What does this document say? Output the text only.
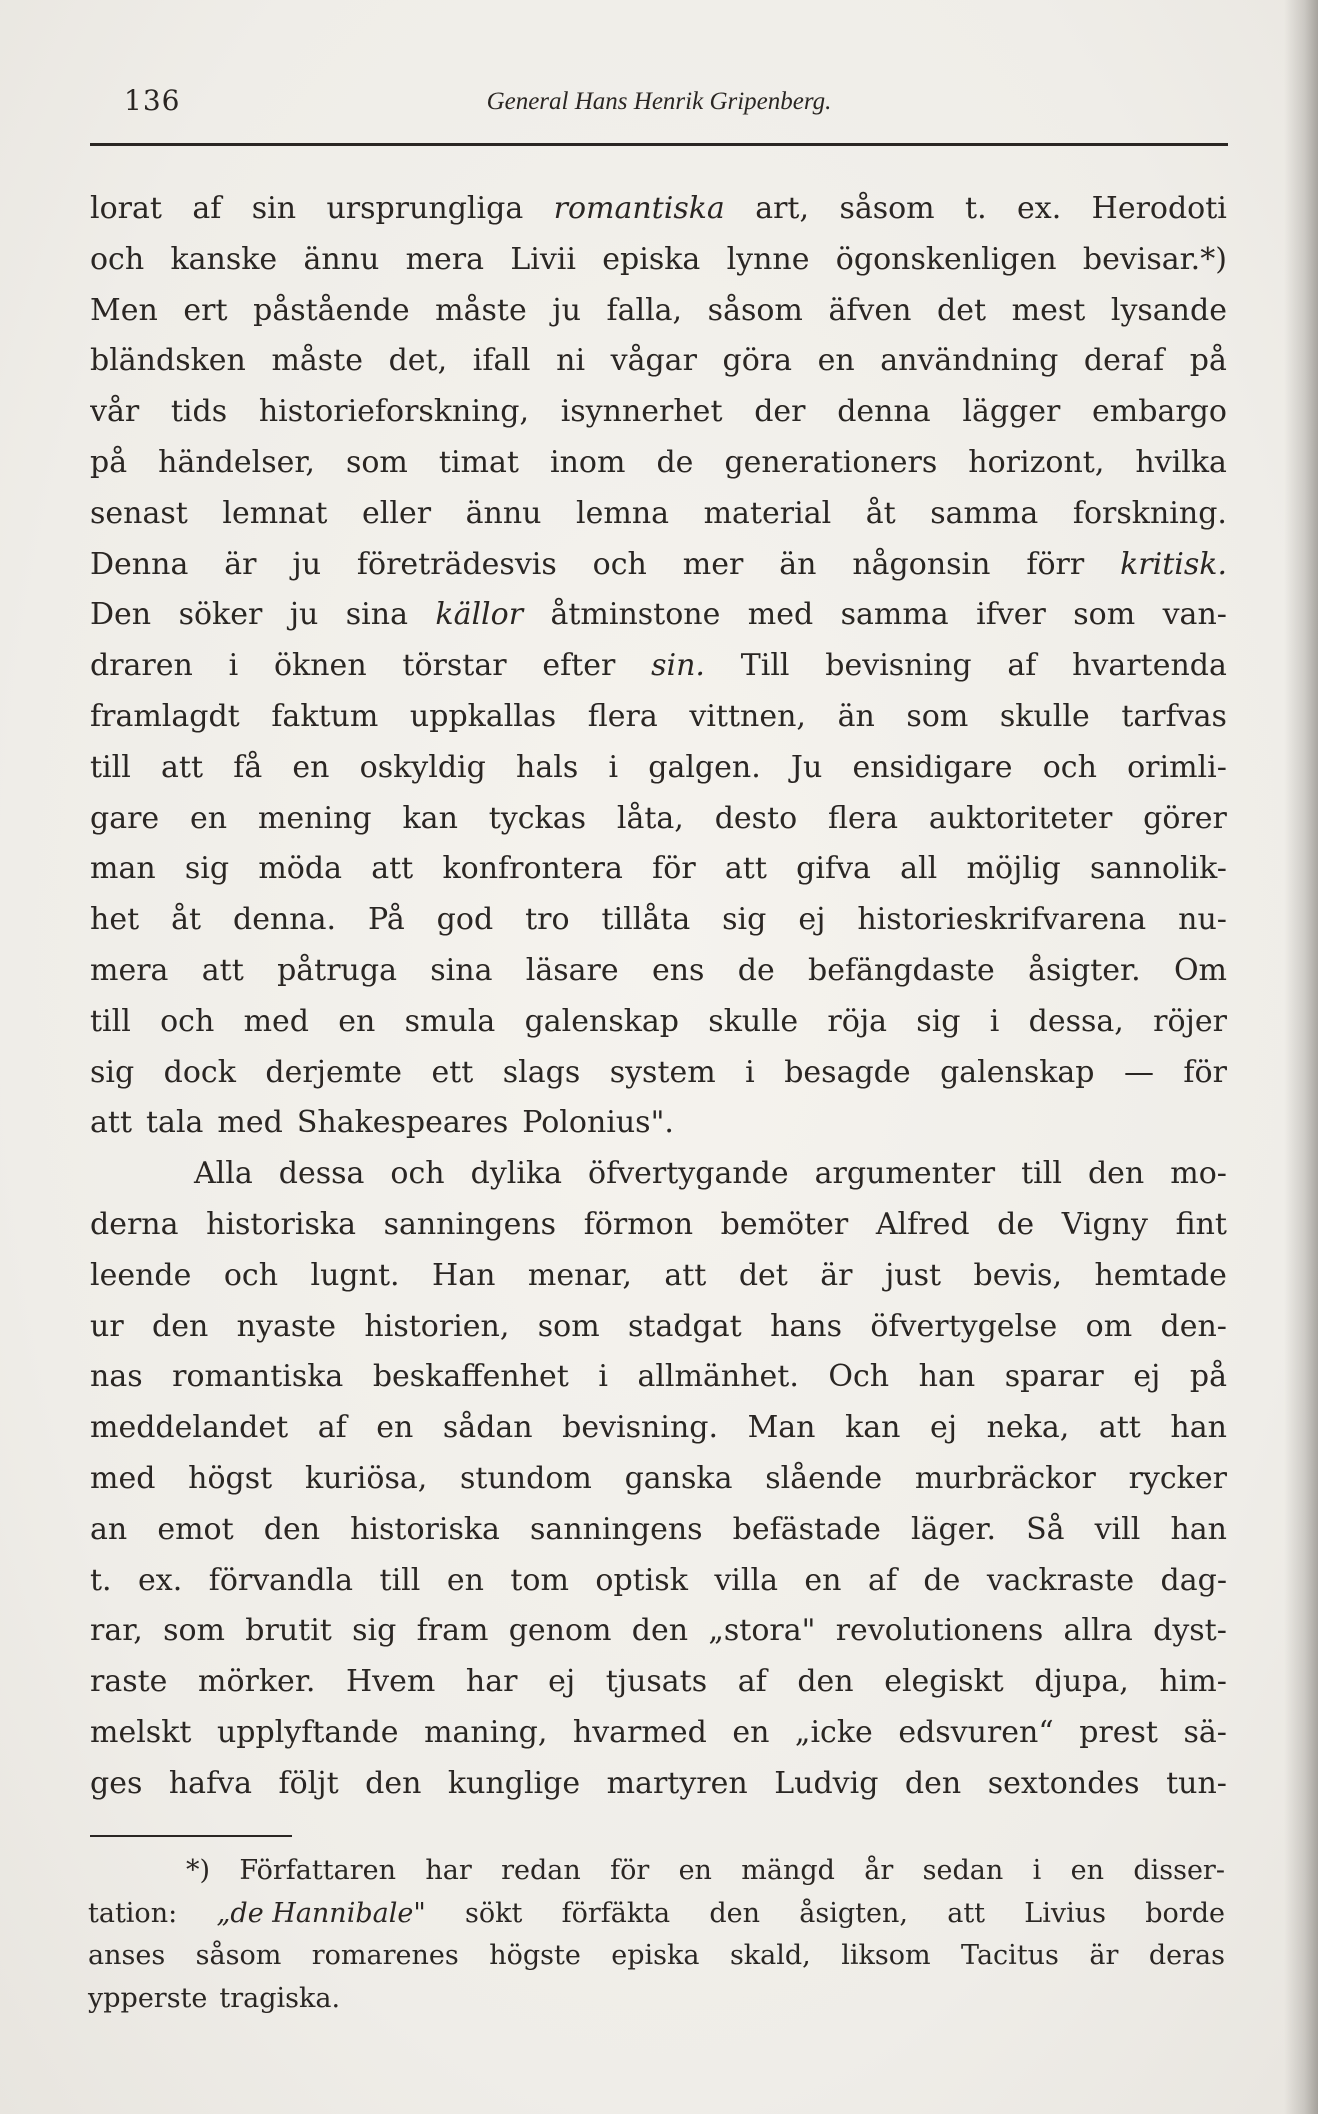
136	General Hans Henrik Gripenberg.
lorat af sin ursprungliga romantiska art, såsom t. ex. Herodoti
och kanske ännu mera Livii episka lynne ögonskenligen bevisar.*)
Men ert påstående måste ju falla, såsom äfven det mest lysande
bländsken måste det, ifall ni vågar göra en användning deraf på
vår tids historieforskning, isynnerhet der denna lägger embargo
på händelser, som timat inom de generationers horizont, hvilka
senast lemnat eller ännu lemna material åt samma forskning.
Denna är ju företrädesvis och mer än någonsin förr kritisk.
Den söker ju sina källor åtminstone med samma ifver som van-
draren i öknen törstar efter sin. Till bevisning af hvartenda
framlagdt faktum uppkallas flera vittnen, än som skulle tarfvas
till att få en oskyldig hals i galgen. Ju ensidigare och orimli-
gare en mening kan tyckas låta, desto flera auktoriteter görer
man sig möda att konfrontera för att gifva all möjlig sannolik-
het åt denna. På god tro tillåta sig ej historieskrifvarena nu-
mera att påtruga sina läsare ens de befängdaste åsigter. Om
till och med en smula galenskap skulle röja sig i dessa, röjer
sig dock derjemte ett slags system i besagde galenskap — för
att tala med Shakespeares Polonius".
Alla dessa och dylika öfvertygande argumenter till den mo-
derna historiska sanningens förmon bemöter Alfred de Vigny fint
leende och lugnt. Han menar, att det är just bevis, hemtade
ur den nyaste historien, som stadgat hans öfvertygelse om den-
nas romantiska beskaffenhet i allmänhet. Och han sparar ej på
meddelandet af en sådan bevisning. Man kan ej neka, att han
med högst kuriösa, stundom ganska slående murbräckor rycker
an emot den historiska sanningens befästade läger. Så vill han
t. ex. förvandla till en tom optisk villa en af de vackraste dag-
rar, som brutit sig fram genom den „stora" revolutionens allra dyst-
raste mörker. Hvem har ej tjusats af den elegiskt djupa, him-
melskt upplyftande maning, hvarmed en „icke edsvuren“ prest sä-
ges hafva följt den kunglige martyren Ludvig den sextondes tun-
*) Författaren har redan för en mängd år sedan i en disser-
tation: „de Hannibale" sökt förfäkta den åsigten, att Livius borde
anses såsom romarenes högste episka skald, liksom Tacitus är deras
ypperste tragiska.
